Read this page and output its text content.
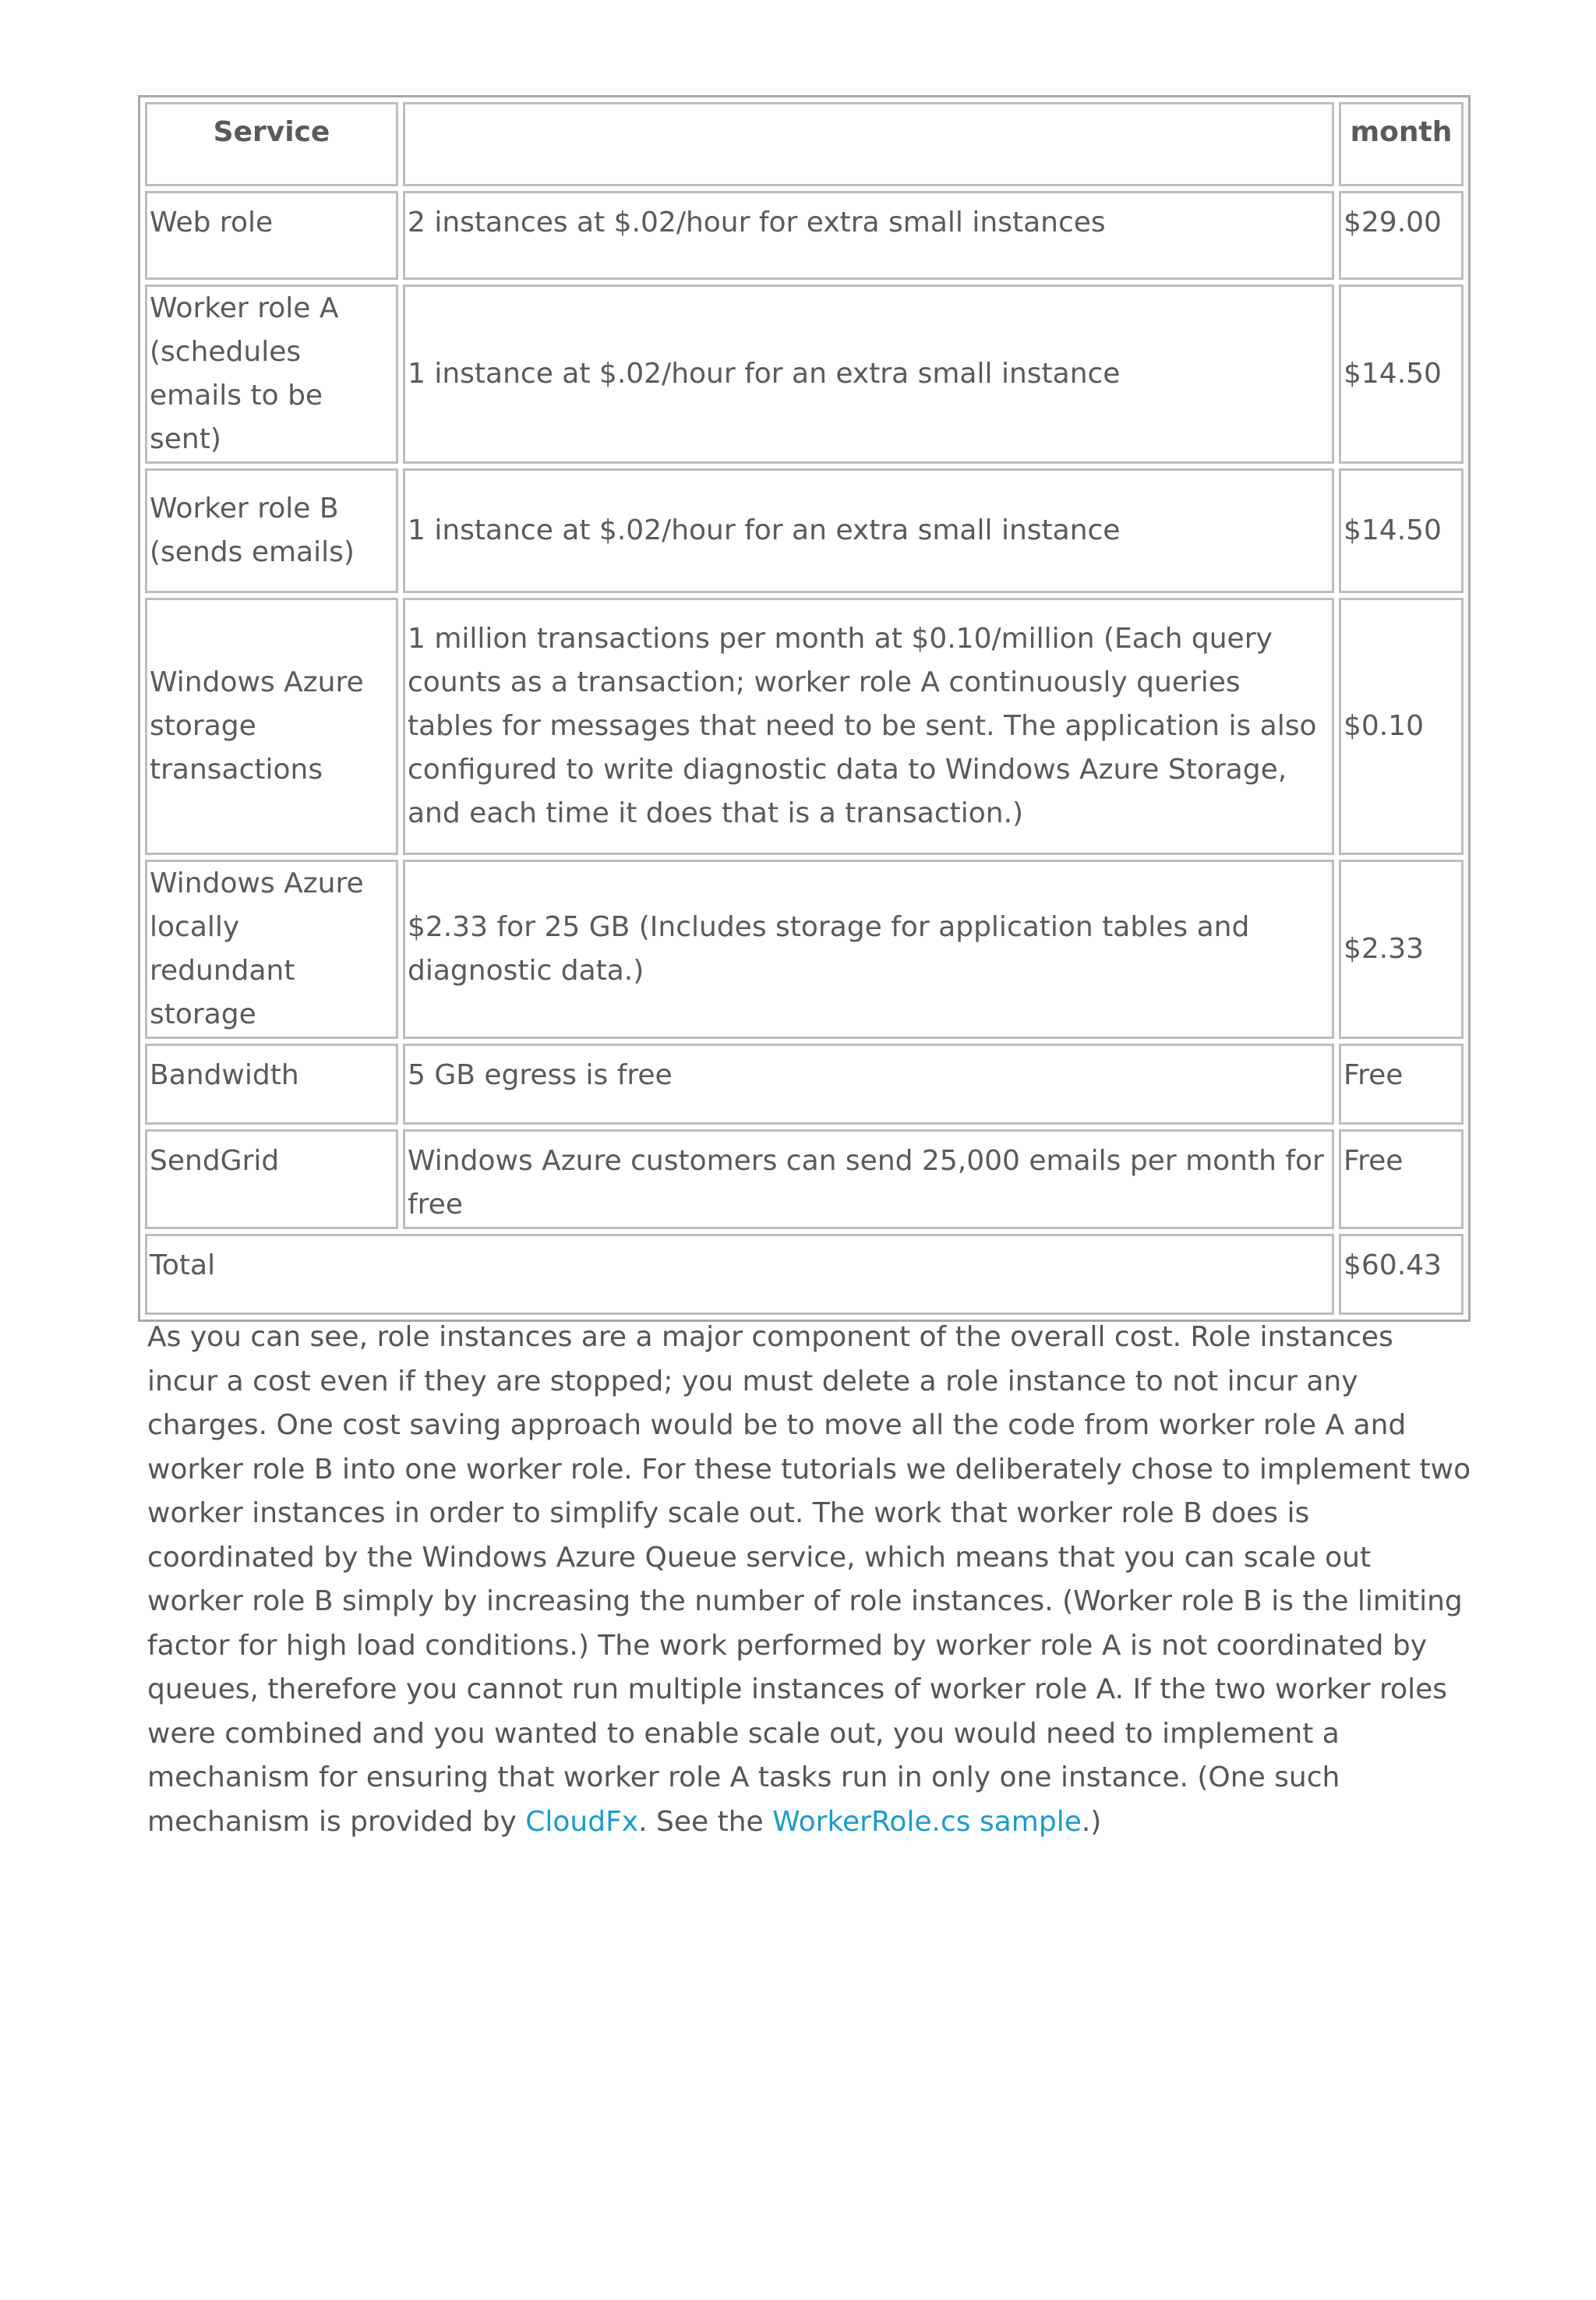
Service		month
Web role	2 instances at $.02/hour for extra small instances	$29.00
Worker role A (schedules emails to be sent)	1 instance at $.02/hour for an extra small instance	$14.50
Worker role B (sends emails)	1 instance at $.02/hour for an extra small instance	$14.50
Windows Azure storage transactions	1 million transactions per month at $0.10/million (Each query counts as a transaction; worker role A continuously queries tables for messages that need to be sent. The application is also configured to write diagnostic data to Windows Azure Storage, and each time it does that is a transaction.)	$0.10
Windows Azure locally redundant storage	$2.33 for 25 GB (Includes storage for application tables and diagnostic data.)	$2.33
Bandwidth	5 GB egress is free	Free
SendGrid	Windows Azure customers can send 25,000 emails per month for free	Free
Total		$60.43

As you can see, role instances are a major component of the overall cost. Role instances incur a cost even if they are stopped; you must delete a role instance to not incur any charges. One cost saving approach would be to move all the code from worker role A and worker role B into one worker role. For these tutorials we deliberately chose to implement two worker instances in order to simplify scale out. The work that worker role B does is coordinated by the Windows Azure Queue service, which means that you can scale out worker role B simply by increasing the number of role instances. (Worker role B is the limiting factor for high load conditions.) The work performed by worker role A is not coordinated by queues, therefore you cannot run multiple instances of worker role A. If the two worker roles were combined and you wanted to enable scale out, you would need to implement a mechanism for ensuring that worker role A tasks run in only one instance. (One such mechanism is provided by CloudFx. See the WorkerRole.cs sample.)
